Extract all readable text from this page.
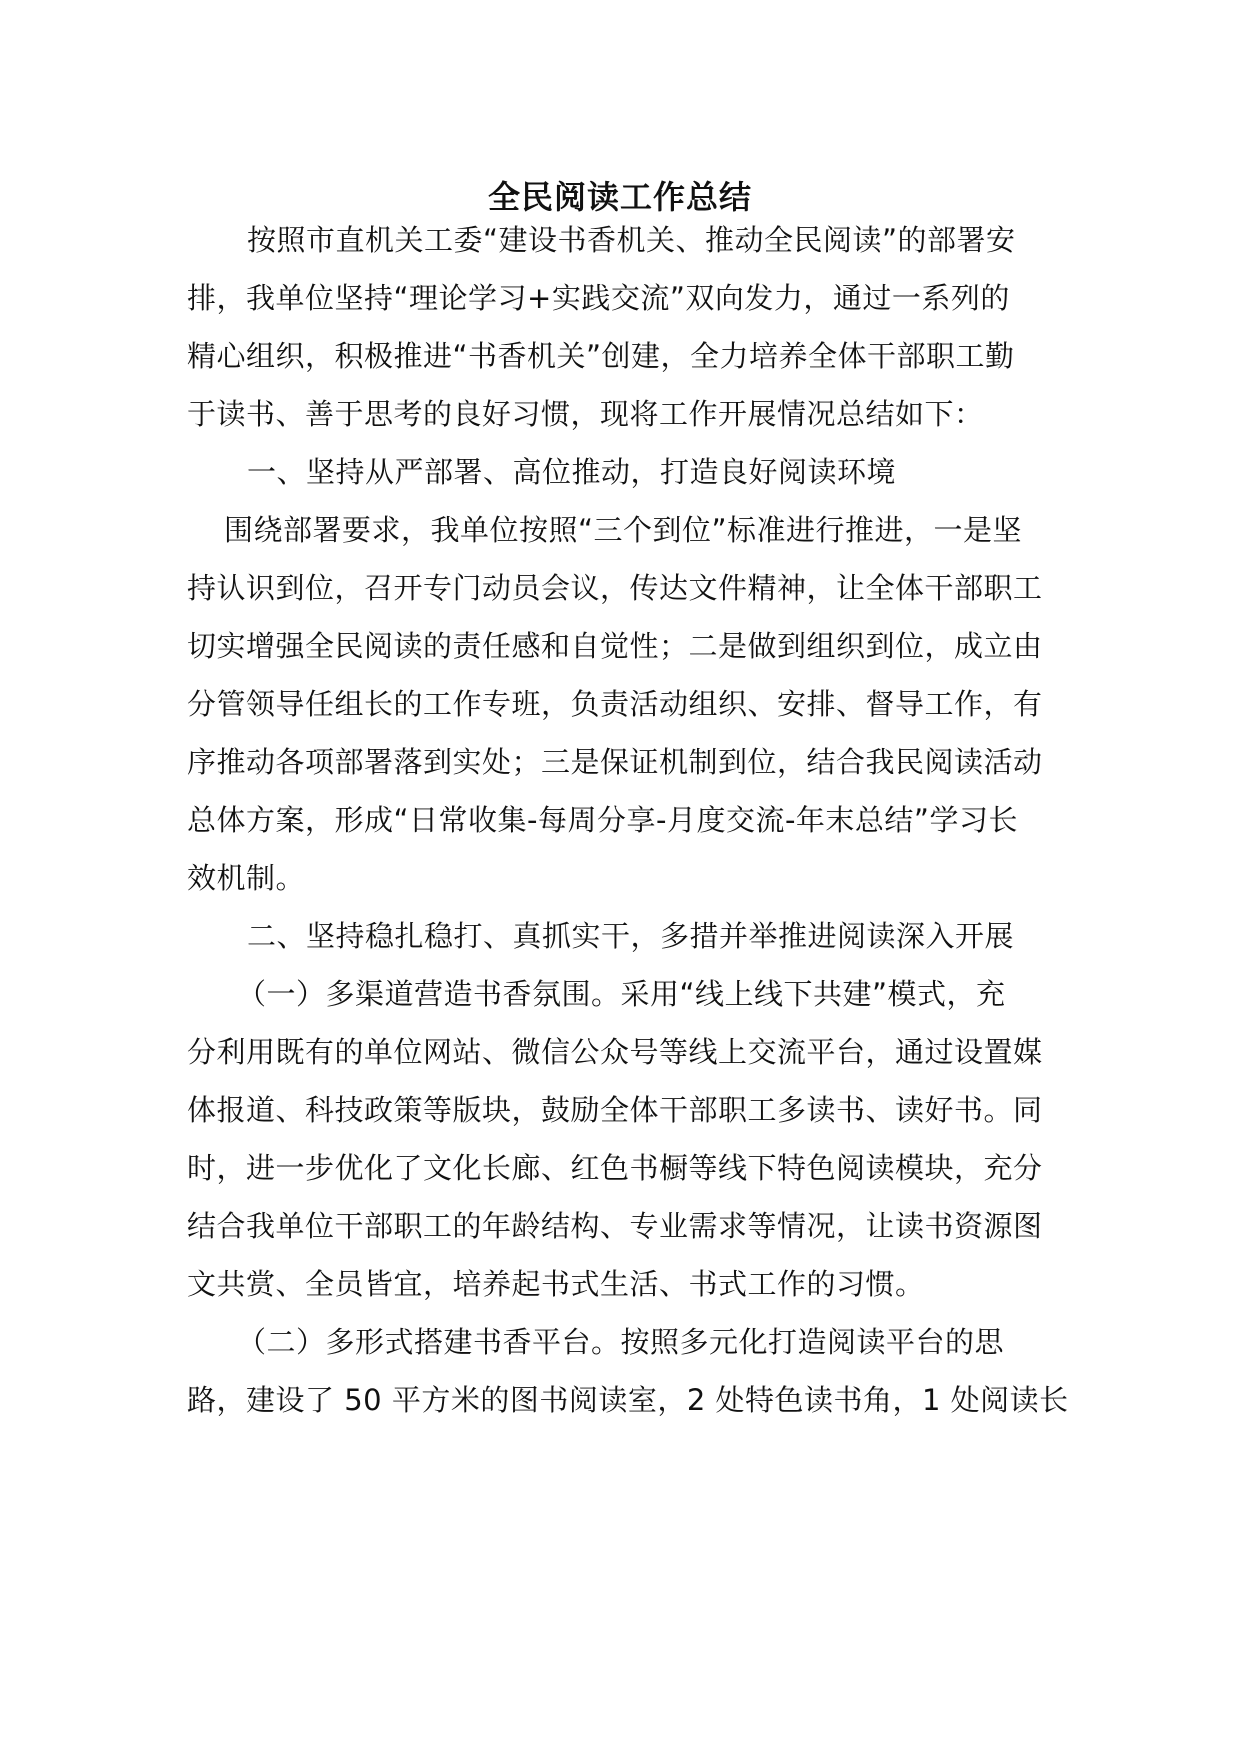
全民阅读工作总结
按照市直机关工委“建设书香机关、推动全民阅读”的部署安
排，我单位坚持“理论学习+实践交流”双向发力，通过一系列的
精心组织，积极推进“书香机关”创建，全力培养全体干部职工勤
于读书、善于思考的良好习惯，现将工作开展情况总结如下：
一、坚持从严部署、高位推动，打造良好阅读环境
围绕部署要求，我单位按照“三个到位”标准进行推进，一是坚
持认识到位，召开专门动员会议，传达文件精神，让全体干部职工
切实增强全民阅读的责任感和自觉性；二是做到组织到位，成立由
分管领导任组长的工作专班，负责活动组织、安排、督导工作，有
序推动各项部署落到实处；三是保证机制到位，结合我民阅读活动
总体方案，形成“日常收集-每周分享-月度交流-年末总结”学习长
效机制。
二、坚持稳扎稳打、真抓实干，多措并举推进阅读深入开展
（一）多渠道营造书香氛围。采用“线上线下共建”模式，充
分利用既有的单位网站、微信公众号等线上交流平台，通过设置媒
体报道、科技政策等版块，鼓励全体干部职工多读书、读好书。同
时，进一步优化了文化长廊、红色书橱等线下特色阅读模块，充分
结合我单位干部职工的年龄结构、专业需求等情况，让读书资源图
文共赏、全员皆宜，培养起书式生活、书式工作的习惯。
（二）多形式搭建书香平台。按照多元化打造阅读平台的思
路，建设了 50 平方米的图书阅读室，2 处特色读书角，1 处阅读长
